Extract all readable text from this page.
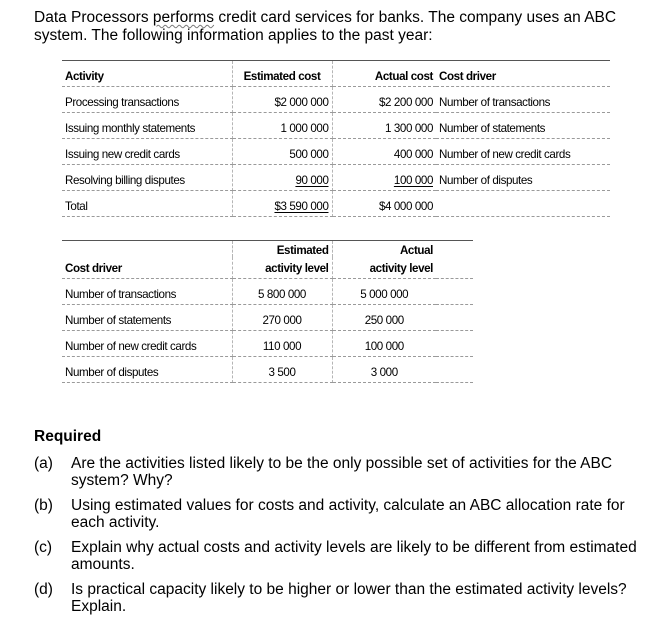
Data Processors performs credit card services for banks. The company uses an ABC system. The following information applies to the past year:
Activity	Estimated cost	Actual cost	Cost driver
Processing transactions	$2 000 000	$2 200 000	Number of transactions
Issuing monthly statements	1 000 000	1 300 000	Number of statements
Issuing new credit cards	500 000	400 000	Number of new credit cards
Resolving billing disputes	90 000	100 000	Number of disputes
Total	$3 590 000	$4 000 000	
	Estimated	Actual	
Cost driver	activity level	activity level	
Number of transactions	5 800 000	5 000 000	
Number of statements	270 000	250 000	
Number of new credit cards	110 000	100 000	
Number of disputes	3 500	3 000	
Required
(a) Are the activities listed likely to be the only possible set of activities for the ABC system? Why?
(b) Using estimated values for costs and activity, calculate an ABC allocation rate for each activity.
(c) Explain why actual costs and activity levels are likely to be different from estimated amounts.
(d) Is practical capacity likely to be higher or lower than the estimated activity levels? Explain.
